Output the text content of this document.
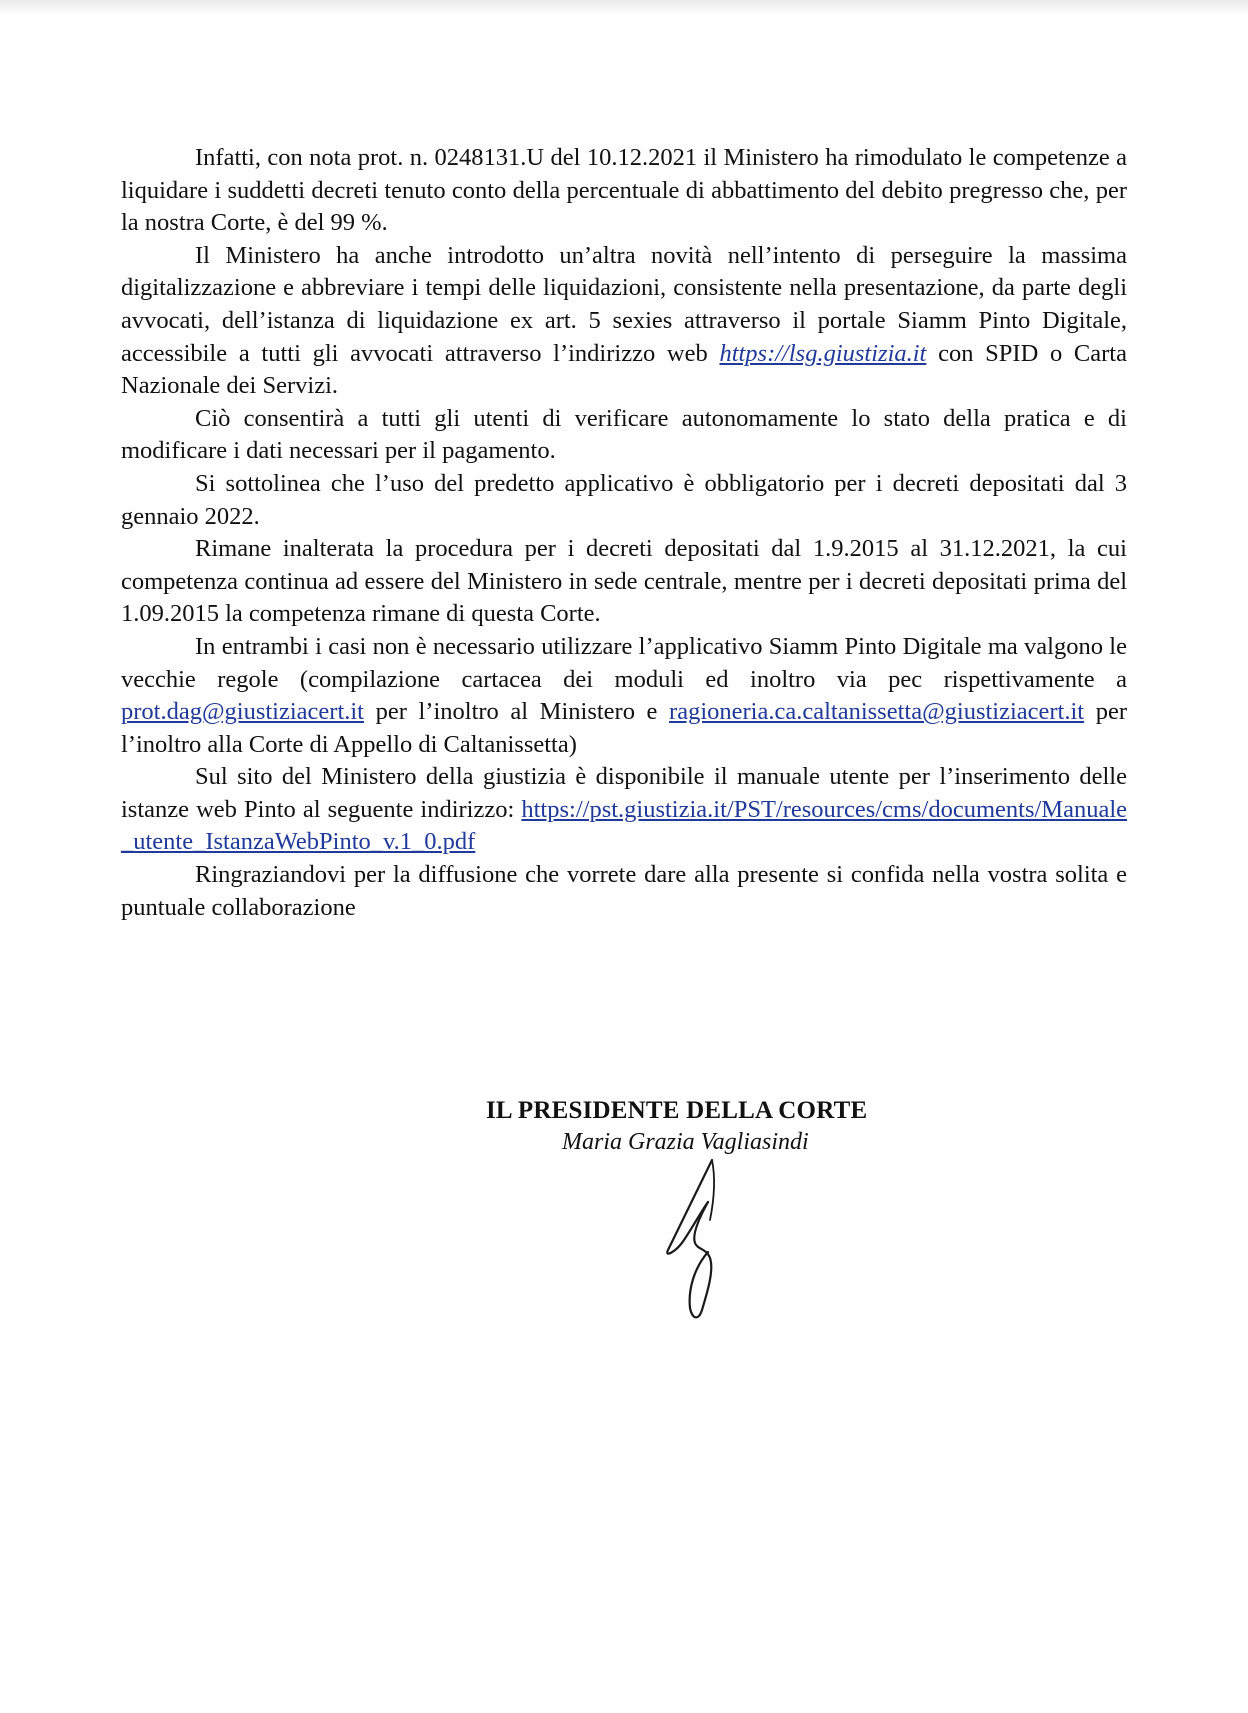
Infatti, con nota prot. n. 0248131.U del 10.12.2021 il Ministero ha rimodulato le competenze a liquidare i suddetti decreti tenuto conto della percentuale di abbattimento del debito pregresso che, per la nostra Corte, è del 99 %.

Il Ministero ha anche introdotto un’altra novità nell’intento di perseguire la massima digitalizzazione e abbreviare i tempi delle liquidazioni, consistente nella presentazione, da parte degli avvocati, dell’istanza di liquidazione ex art. 5 sexies attraverso il portale Siamm Pinto Digitale, accessibile a tutti gli avvocati attraverso l’indirizzo web https://lsg.giustizia.it con SPID o Carta Nazionale dei Servizi.

Ciò consentirà a tutti gli utenti di verificare autonomamente lo stato della pratica e di modificare i dati necessari per il pagamento.

Si sottolinea che l’uso del predetto applicativo è obbligatorio per i decreti depositati dal 3 gennaio 2022.

Rimane inalterata la procedura per i decreti depositati dal 1.9.2015 al 31.12.2021, la cui competenza continua ad essere del Ministero in sede centrale, mentre per i decreti depositati prima del 1.09.2015 la competenza rimane di questa Corte.

In entrambi i casi non è necessario utilizzare l’applicativo Siamm Pinto Digitale ma valgono le vecchie regole (compilazione cartacea dei moduli ed inoltro via pec rispettivamente a prot.dag@giustiziacert.it per l’inoltro al Ministero e ragioneria.ca.caltanissetta@giustiziacert.it per l’inoltro alla Corte di Appello di Caltanissetta)

Sul sito del Ministero della giustizia è disponibile il manuale utente per l’inserimento delle istanze web Pinto al seguente indirizzo: https://pst.giustizia.it/PST/resources/cms/documents/Manuale_utente_IstanzaWebPinto_v.1_0.pdf

Ringraziandovi per la diffusione che vorrete dare alla presente si confida nella vostra solita e puntuale collaborazione

IL PRESIDENTE DELLA CORTE
Maria Grazia Vagliasindi
